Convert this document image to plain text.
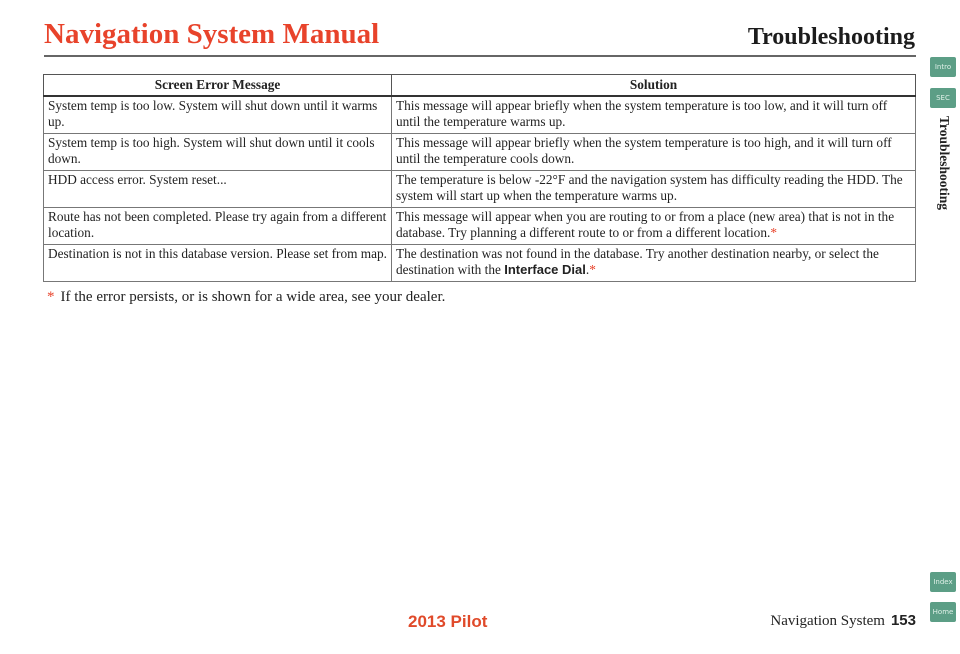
Navigation System Manual	Troubleshooting
Intro
SEC
Troubleshooting
Index
Home
Screen Error Message	Solution
System temp is too low. System will shut down until it warms up.	This message will appear briefly when the system temperature is too low, and it will turn off until the temperature warms up.
System temp is too high. System will shut down until it cools down.	This message will appear briefly when the system temperature is too high, and it will turn off until the temperature cools down.
HDD access error. System reset...	The temperature is below -22°F and the navigation system has difficulty reading the HDD. The system will start up when the temperature warms up.
Route has not been completed. Please try again from a different location.	This message will appear when you are routing to or from a place (new area) that is not in the database. Try planning a different route to or from a different location.*
Destination is not in this database version. Please set from map.	The destination was not found in the database. Try another destination nearby, or select the destination with the Interface Dial.*
* If the error persists, or is shown for a wide area, see your dealer.
2013 Pilot	Navigation System 153
